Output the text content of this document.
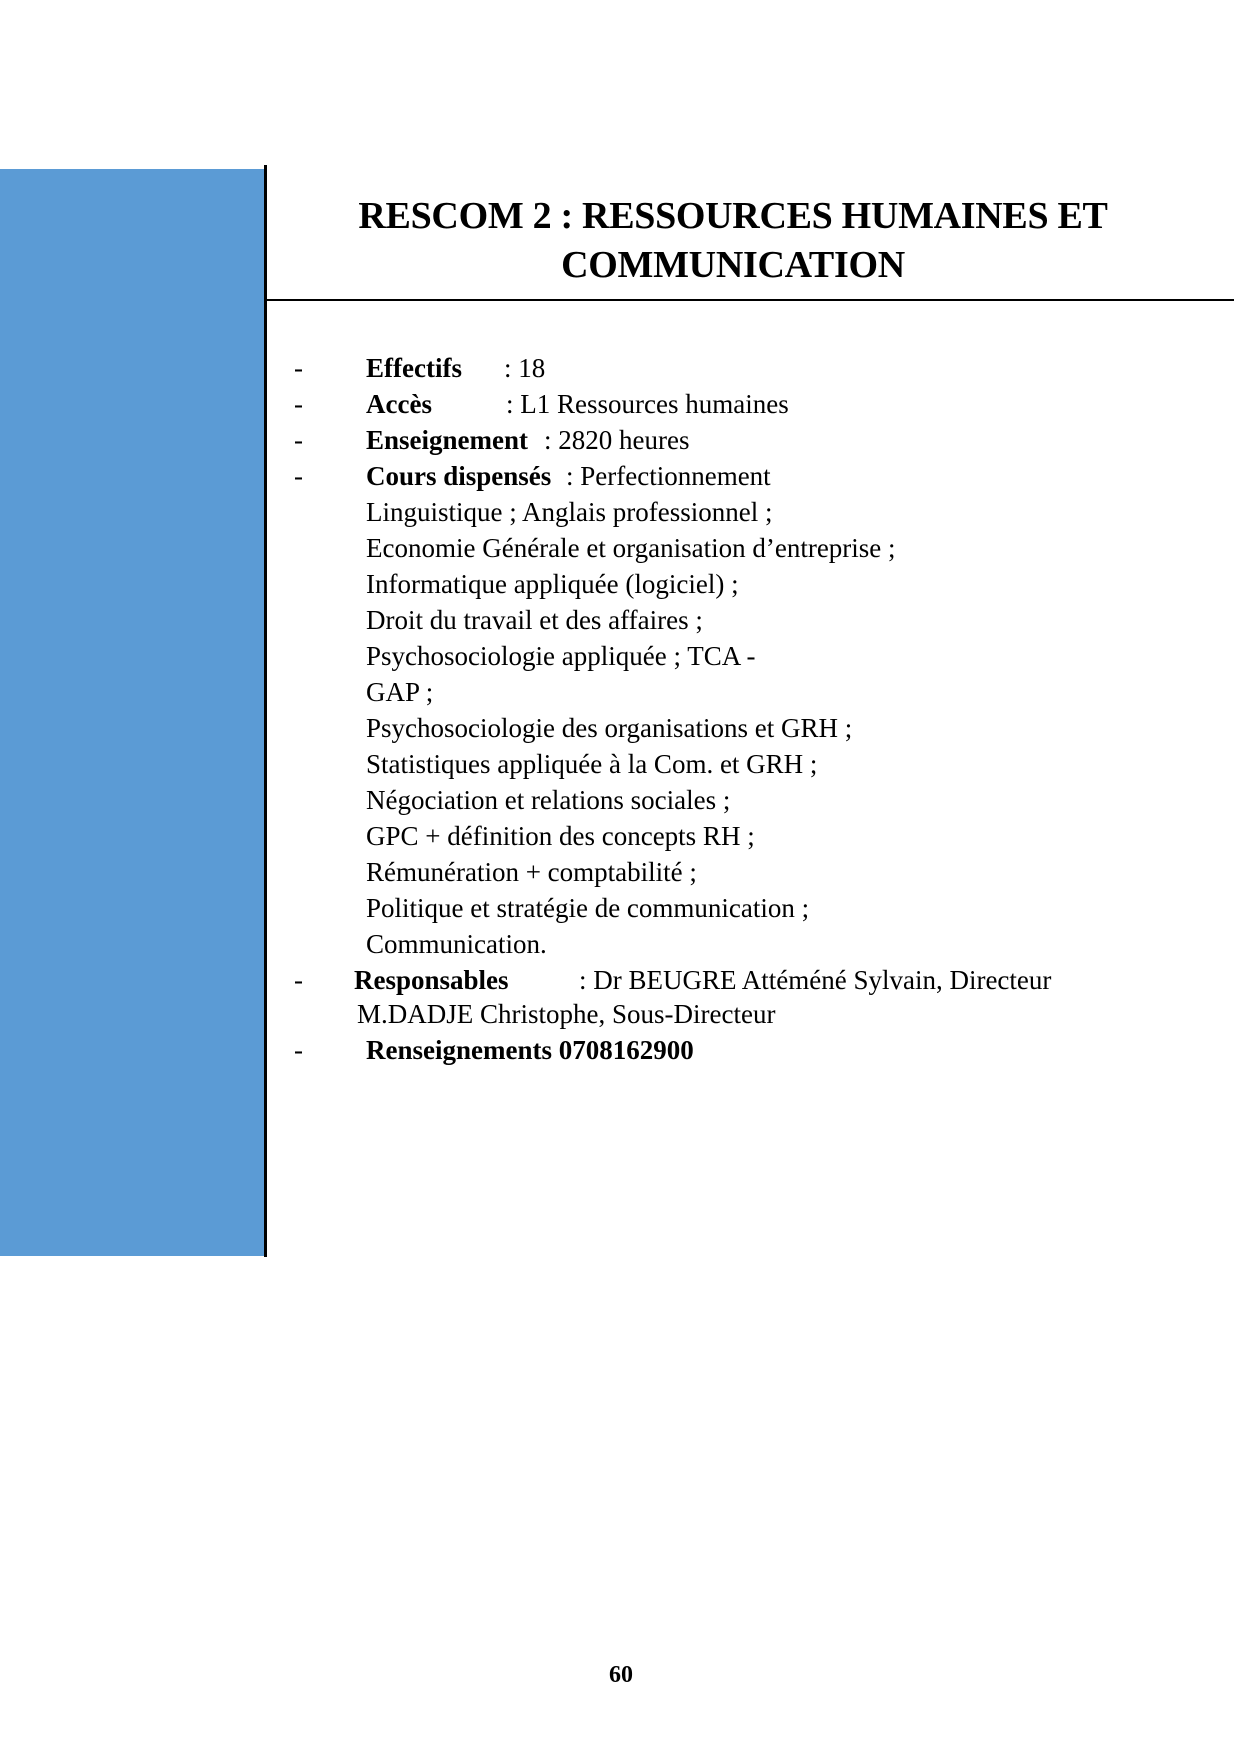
RESCOM 2 : RESSOURCES HUMAINES ET
COMMUNICATION
- Effectifs : 18
- Accès	: L1 Ressources humaines
- Enseignement : 2820 heures
- Cours dispensés : Perfectionnement
Linguistique ; Anglais professionnel ;
Economie Générale et organisation d’entreprise ;
Informatique appliquée (logiciel) ;
Droit du travail et des affaires ;
Psychosociologie appliquée ; TCA -
GAP ;
Psychosociologie des organisations et GRH ;
Statistiques appliquée à la Com. et GRH ;
Négociation et relations sociales ;
GPC + définition des concepts RH ;
Rémunération + comptabilité ;
Politique et stratégie de communication ;
Communication.
- Responsables	: Dr BEUGRE Attéméné Sylvain, Directeur
M.DADJE Christophe, Sous-Directeur
- Renseignements 0708162900
60
